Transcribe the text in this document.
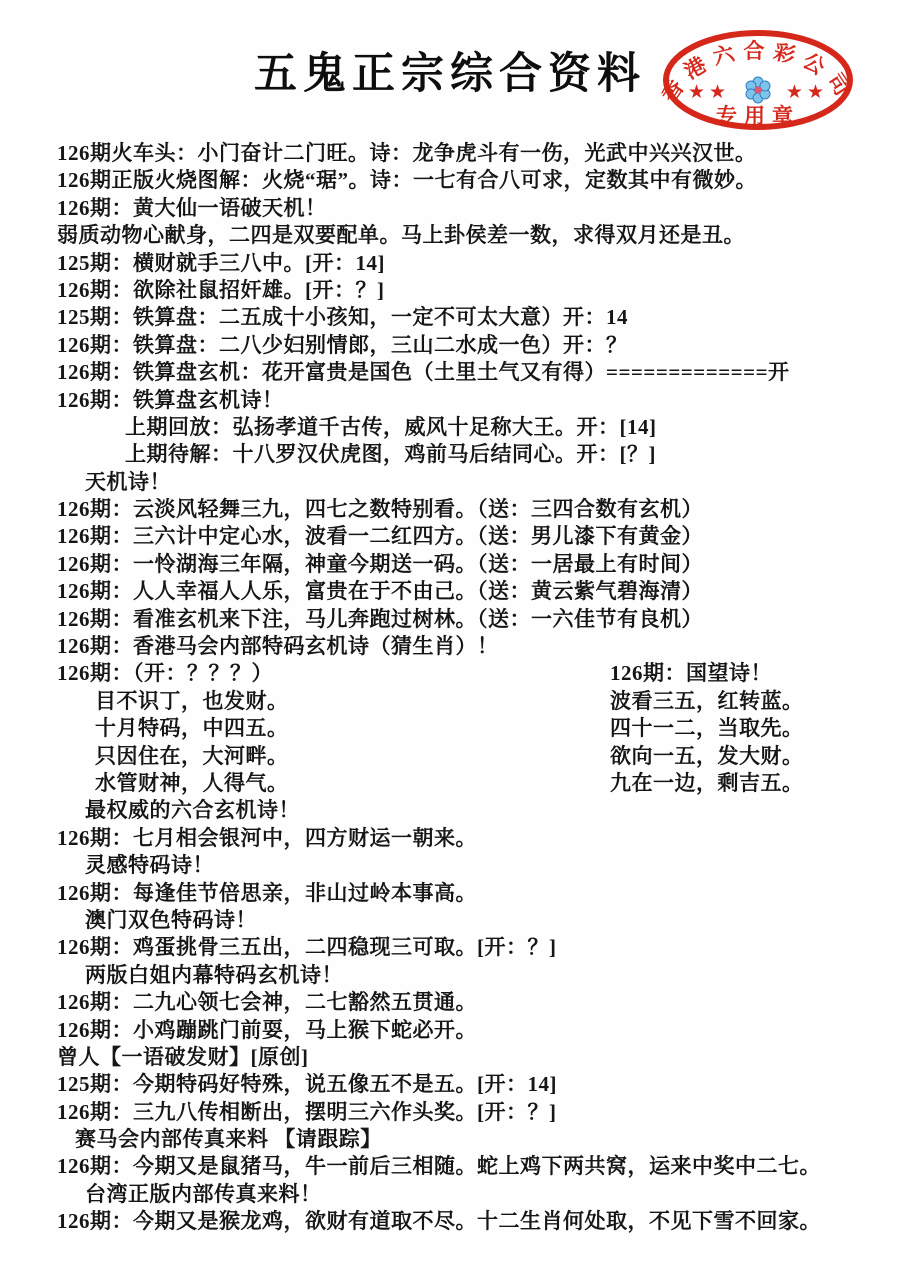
五鬼正宗综合资料 香港六合彩公司
★★	★★
专用章
126期火车头：小门奋计二门旺。诗：龙争虎斗有一伤，光武中兴兴汉世。
126期正版火烧图解：火烧“琚”。诗：一七有合八可求，定数其中有微妙。
126期：黄大仙一语破天机！
弱质动物心献身，二四是双要配单。马上卦侯差一数，求得双月还是丑。
125期：横财就手三八中。[开：14]
126期：欲除社鼠招奸雄。[开：？]
125期：铁算盘：二五成十小孩知，一定不可太大意）开：14
126期：铁算盘：二八少妇别情郎，三山二水成一色）开：？
126期：铁算盘玄机：花开富贵是国色（土里土气又有得）=============开
126期：铁算盘玄机诗！
上期回放：弘扬孝道千古传，威风十足称大王。开：[14]
上期待解：十八罗汉伏虎图，鸡前马后结同心。开：[？]
天机诗！
126期：云淡风轻舞三九，四七之数特别看。（送：三四合数有玄机）
126期：三六计中定心水，波看一二红四方。（送：男儿漆下有黄金）
126期：一怜湖海三年隔，神童今期送一码。（送：一居最上有时间）
126期：人人幸福人人乐，富贵在于不由己。（送：黄云紫气碧海清）
126期：看准玄机来下注，马儿奔跑过树林。（送：一六佳节有良机）
126期：香港马会内部特码玄机诗（猜生肖）！
126期：（开：？？？）	126期：国望诗！
目不识丁，也发财。	波看三五，红转蓝。
十月特码，中四五。	四十一二，当取先。
只因住在，大河畔。	欲向一五，发大财。
水管财神，人得气。	九在一边，剩吉五。
最权威的六合玄机诗！
126期：七月相会银河中，四方财运一朝来。
灵感特码诗！
126期：每逢佳节倍思亲，非山过岭本事高。
澳门双色特码诗！
126期：鸡蛋挑骨三五出，二四稳现三可取。[开：？]
两版白姐内幕特码玄机诗！
126期：二九心领七会神，二七豁然五贯通。
126期：小鸡蹦跳门前耍，马上猴下蛇必开。
曾人【一语破发财】[原创]
125期：今期特码好特殊，说五像五不是五。[开：14]
126期：三九八传相断出，摆明三六作头奖。[开：？]
赛马会内部传真来料 【请跟踪】
126期：今期又是鼠猪马，牛一前后三相随。蛇上鸡下两共窝，运来中奖中二七。
台湾正版内部传真来料！
126期：今期又是猴龙鸡，欲财有道取不尽。十二生肖何处取，不见下雪不回家。
